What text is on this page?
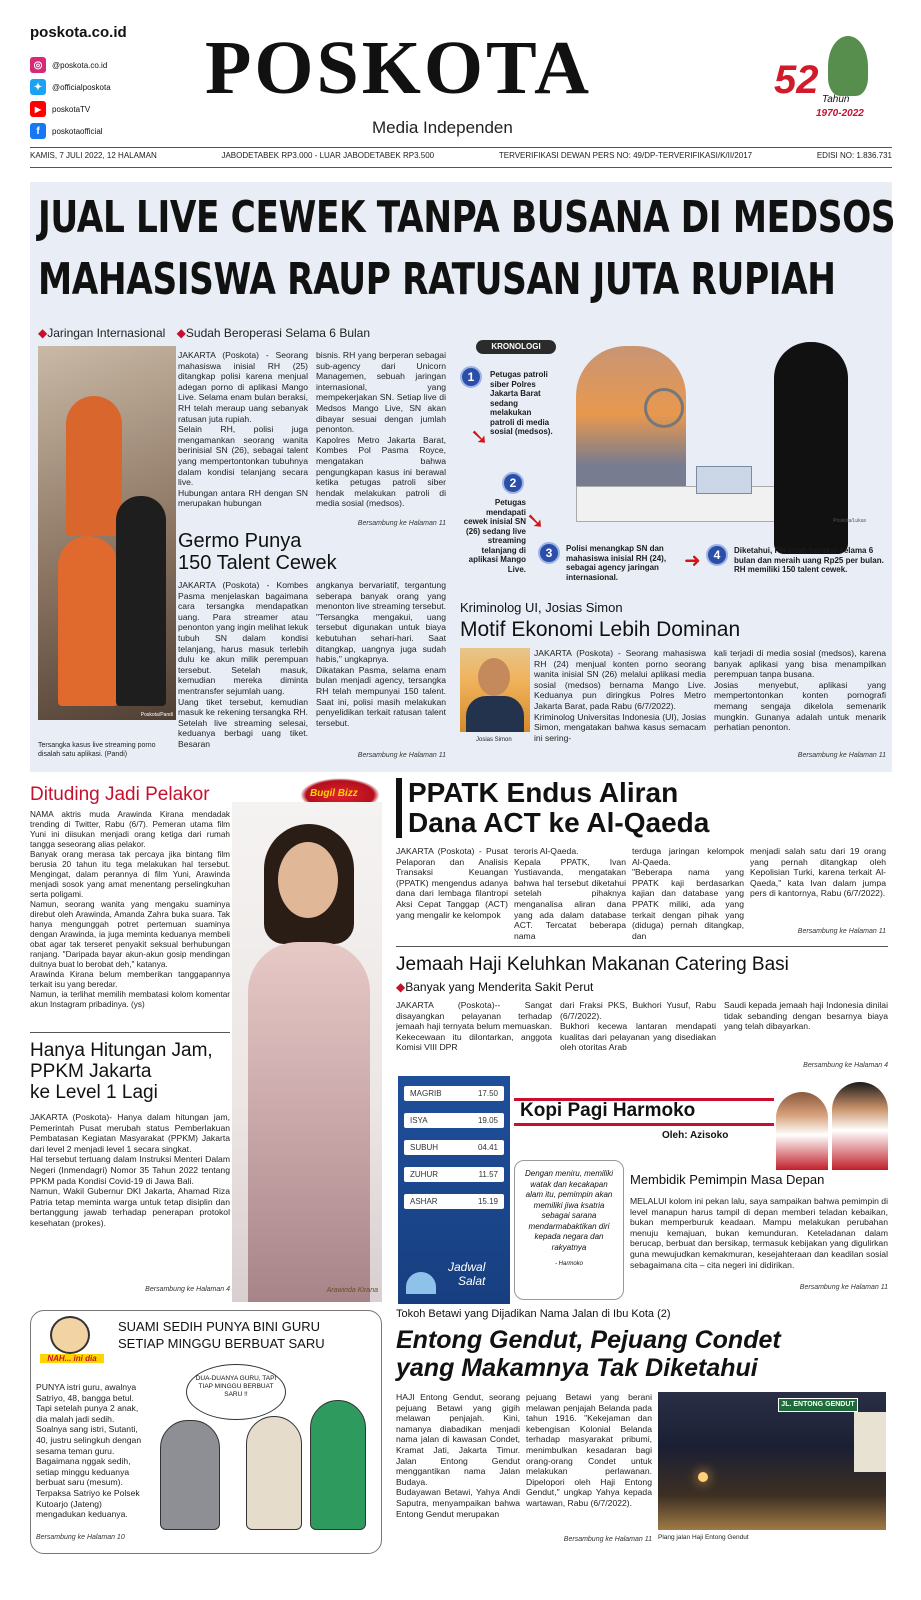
poskota.co.id
◎	@poskota.co.id
✦	@officialposkota
▶	poskotaTV
f	poskotaofficial
POSKOTA
Media Independen
52 Tahun
1970-2022
KAMIS, 7 JULI 2022, 12 HALAMAN	JABODETABEK RP3.000 - LUAR JABODETABEK RP3.500	TERVERIFIKASI DEWAN PERS NO: 49/DP-TERVERIFIKASI/K/II/2017	EDISI NO: 1.836.731
JUAL LIVE CEWEK TANPA BUSANA DI MEDSOS
MAHASISWA RAUP RATUSAN JUTA RUPIAH
◆Jaringan Internasional ◆Sudah Beroperasi Selama 6 Bulan
Poskota/Pandi
Tersangka kasus live streaming porno disalah satu aplikasi. (Pandi)
JAKARTA (Poskota) - Seorang mahasiswa inisial RH (25) ditangkap polisi karena menjual adegan porno di aplikasi Mango Live. Selama enam bulan beraksi, RH telah meraup uang sebanyak ratusan juta rupiah.
Selain RH, polisi juga mengamankan seorang wanita berinisial SN (26), sebagai talent yang mempertontonkan tubuhnya dalam kondisi telanjang secara live.
Hubungan antara RH dengan SN merupakan hubungan
bisnis. RH yang berperan sebagai sub-agency dari Unicorn Managemen, sebuah jaringan internasional, yang mempekerjakan SN. Setiap live di Medsos Mango Live, SN akan dibayar sesuai dengan jumlah penonton.
Kapolres Metro Jakarta Barat, Kombes Pol Pasma Royce, mengatakan bahwa pengungkapan kasus ini berawal ketika petugas patroli siber hendak melakukan patroli di media sosial (medsos).
Bersambung ke Halaman 11
Germo Punya
150 Talent Cewek
JAKARTA (Poskota) - Kombes Pasma menjelaskan bagaimana cara tersangka mendapatkan uang. Para streamer atau penonton yang ingin melihat lekuk tubuh SN dalam kondisi telanjang, harus masuk terlebih dulu ke akun milik perempuan tersebut. Setelah masuk, kemudian mereka diminta mentransfer sejumlah uang.
Uang tiket tersebut, kemudian masuk ke rekening tersangka RH. Setelah live streaming selesai, keduanya berbagi uang tiket. Besaran
angkanya bervariatif, tergantung seberapa banyak orang yang menonton live streaming tersebut. "Tersangka mengakui, uang tersebut digunakan untuk biaya kebutuhan sehari-hari. Saat ditangkap, uangnya juga sudah habis," ungkapnya.
Dikatakan Pasma, selama enam bulan menjadi agency, tersangka RH telah mempunyai 150 talent. Saat ini, polisi masih melakukan penyelidikan terkait ratusan talent tersebut.
Bersambung ke Halaman 11
KRONOLOGI
Poskota/Lukas
1	Petugas patroli siber Polres Jakarta Barat sedang melakukan patroli di media sosial (medsos).
➘
2
Petugas mendapati cewek inisial SN (26) sedang live streaming telanjang di aplikasi Mango Live.
➘
3	Polisi menangkap SN dan mahasiswa inisial RH (24), sebagai agency jaringan internasional.
➜	4	Diketahui, RH telah beraksi selama 6 bulan dan meraih uang Rp25 per bulan. RH memiliki 150 talent cewek.
Kriminolog UI, Josias Simon
Motif Ekonomi Lebih Dominan
Josias Simon
JAKARTA (Poskota) - Seorang mahasiswa RH (24) menjual konten porno seorang wanita inisial SN (26) melalui aplikasi media sosial (medsos) bernama Mango Live. Keduanya pun diringkus Polres Metro Jakarta Barat, pada Rabu (6/7/2022).
Kriminolog Universitas Indonesia (UI), Josias Simon, mengatakan bahwa kasus semacam ini sering-
kali terjadi di media sosial (medsos), karena banyak aplikasi yang bisa menampilkan perempuan tanpa busana.
Josias menyebut, aplikasi yang mempertontonkan konten pornografi memang sengaja dikelola semenarik mungkin. Gunanya adalah untuk menarik perhatian penonton.
Bersambung ke Halaman 11
Dituding Jadi Pelakor	Bugil Bizz
NAMA aktris muda Arawinda Kirana mendadak trending di Twitter, Rabu (6/7). Pemeran utama film Yuni ini diisukan menjadi orang ketiga dari rumah tangga seseorang alias pelakor.
Banyak orang merasa tak percaya jika bintang film berusia 20 tahun itu tega melakukan hal tersebut. Mengingat, dalam perannya di film Yuni, Arawinda menjadi sosok yang amat menentang perselingkuhan serta poligami.
Namun, seorang wanita yang mengaku suaminya direbut oleh Arawinda, Amanda Zahra buka suara. Tak hanya mengunggah potret pertemuan suaminya dengan Arawinda, ia juga meminta keduanya membeli obat agar tak terseret penyakit seksual berhubungan ranjang. "Daripada bayar akun-akun gosip mendingan duitnya buat lo berobat deh," katanya.
Arawinda Kirana belum memberikan tanggapannya terkait isu yang beredar.
Namun, ia terlihat memilih membatasi kolom komentar akun Instagram pribadinya. (ys)
Arawinda Kirana
Hanya Hitungan Jam,
PPKM Jakarta
ke Level 1 Lagi
JAKARTA (Poskota)- Hanya dalam hitungan jam, Pemerintah Pusat merubah status Pemberlakuan Pembatasan Kegiatan Masyarakat (PPKM) Jakarta dari level 2 menjadi level 1 secara singkat.
Hal tersebut tertuang dalam Instruksi Menteri Dalam Negeri (Inmendagri) Nomor 35 Tahun 2022 tentang PPKM pada Kondisi Covid-19 di Jawa Bali.
Namun, Wakil Gubernur DKI Jakarta, Ahamad Riza Patria tetap meminta warga untuk tetap disiplin dan bertanggung jawab terhadap penerapan protokol kesehatan (prokes).
Bersambung ke Halaman 4
PPATK Endus Aliran
Dana ACT ke Al-Qaeda
JAKARTA (Poskota) - Pusat Pelaporan dan Analisis Transaksi Keuangan (PPATK) mengendus adanya dana dari lembaga filantropi Aksi Cepat Tanggap (ACT) yang mengalir ke kelompok
teroris Al-Qaeda.
Kepala PPATK, Ivan Yustiavanda, mengatakan bahwa hal tersebut diketahui setelah pihaknya menganalisa aliran dana yang ada dalam database ACT. Tercatat beberapa nama
terduga jaringan kelompok Al-Qaeda.
"Beberapa nama yang PPATK kaji berdasarkan kajian dan database yang PPATK miliki, ada yang terkait dengan pihak yang (diduga) pernah ditangkap, dan
menjadi salah satu dari 19 orang yang pernah ditangkap oleh Kepolisian Turki, karena terkait Al-Qaeda," kata Ivan dalam jumpa pers di kantornya, Rabu (6/7/2022).
Bersambung ke Halaman 11
Jemaah Haji Keluhkan Makanan Catering Basi
◆Banyak yang Menderita Sakit Perut
JAKARTA (Poskota)-- Sangat disayangkan pelayanan terhadap jemaah haji ternyata belum memuaskan. Kekecewaan itu dilontarkan, anggota Komisi VIII DPR
dari Fraksi PKS, Bukhori Yusuf, Rabu (6/7/2022).
Bukhori kecewa lantaran mendapati kualitas dari pelayanan yang disediakan oleh otoritas Arab
Saudi kepada jemaah haji Indonesia dinilai tidak sebanding dengan besarnya biaya yang telah dibayarkan.
Bersambung ke Halaman 4
MAGRIB	17.50
ISYA	19.05
SUBUH	04.41
ZUHUR	11.57
ASHAR	15.19
Jadwal
Salat
Kopi Pagi Harmoko
Oleh: Azisoko
Dengan meniru, memiliki watak dan kecakapan alam itu, pemimpin akan memiliki jiwa ksatria sebagai sarana mendarmabaktikan diri kepada negara dan rakyatnya
- Harmoko
Membidik Pemimpin Masa Depan
MELALUI kolom ini pekan lalu, saya sampaikan bahwa pemimpin di level manapun harus tampil di depan memberi teladan kebaikan, bukan memperburuk keadaan. Mampu melakukan perubahan menuju kemajuan, bukan kemunduran. Keteladanan dalam berucap, berbuat dan bersikap, termasuk kebijakan yang digulirkan guna mewujudkan kemakmuran, kesejahteraan dan keadilan sosial sebagaimana cita – cita negeri ini didirikan.
Bersambung ke Halaman 11
NAH... ini dia
SUAMI SEDIH PUNYA BINI GURU
SETIAP MINGGU BERBUAT SARU
PUNYA istri guru, awalnya Satriyo, 48, bangga betul. Tapi setelah punya 2 anak, dia malah jadi sedih. Soalnya sang istri, Sutanti, 40, justru selingkuh dengan sesama teman guru. Bagaimana nggak sedih, setiap minggu keduanya berbuat saru (mesum). Terpaksa Satriyo ke Polsek Kutoarjo (Jateng) mengadukan keduanya.
DUA-DUANYA GURU, TAPI TIAP MINGGU BERBUAT SARU !!
Bersambung ke Halaman 10
Tokoh Betawi yang Dijadikan Nama Jalan di Ibu Kota (2)
Entong Gendut, Pejuang Condet
yang Makamnya Tak Diketahui
HAJI Entong Gendut, seorang pejuang Betawi yang gigih melawan penjajah. Kini, namanya diabadikan menjadi nama jalan di kawasan Condet, Kramat Jati, Jakarta Timur. Jalan Entong Gendut menggantikan nama Jalan Budaya.
Budayawan Betawi, Yahya Andi Saputra, menyampaikan bahwa Entong Gendut merupakan
pejuang Betawi yang berani melawan penjajah Belanda pada tahun 1916. "Kekejaman dan kebengisan Kolonial Belanda terhadap masyarakat pribumi, menimbulkan kesadaran bagi orang-orang Condet untuk melakukan perlawanan. Dipelopori oleh Haji Entong Gendut," ungkap Yahya kepada wartawan, Rabu (6/7/2022).
Bersambung ke Halaman 11
JL. ENTONG GENDUT
Plang jalan Haji Entong Gendut
